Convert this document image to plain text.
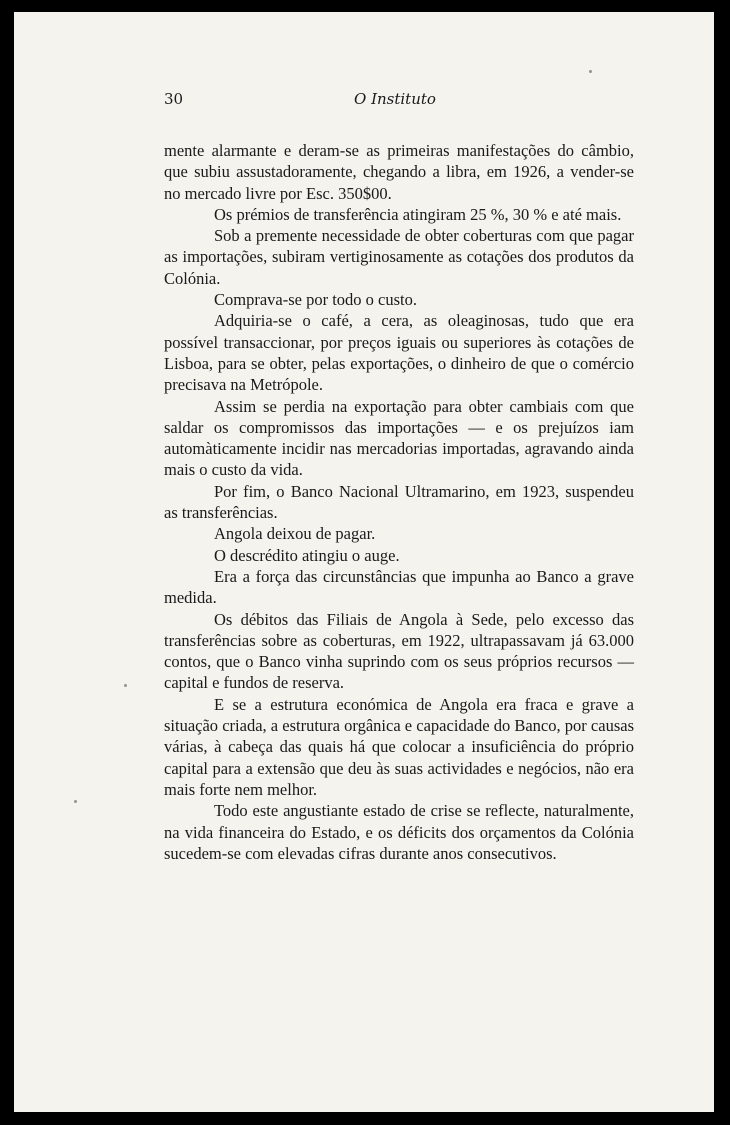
30	O Instituto

mente alarmante e deram-se as primeiras manifestações do câmbio, que subiu assustadoramente, chegando a libra, em 1926, a vender-se no mercado livre por Esc. 350$00.

Os prémios de transferência atingiram 25 %, 30 % e até mais.

Sob a premente necessidade de obter coberturas com que pagar as importações, subiram vertiginosamente as cotações dos produtos da Colónia.

Comprava-se por todo o custo.

Adquiria-se o café, a cera, as oleaginosas, tudo que era possível transaccionar, por preços iguais ou superiores às cotações de Lisboa, para se obter, pelas exportações, o dinheiro de que o comércio precisava na Metrópole.

Assim se perdia na exportação para obter cambiais com que saldar os compromissos das importações — e os prejuízos iam automàticamente incidir nas mercadorias importadas, agravando ainda mais o custo da vida.

Por fim, o Banco Nacional Ultramarino, em 1923, suspendeu as transferências.

Angola deixou de pagar.

O descrédito atingiu o auge.

Era a força das circunstâncias que impunha ao Banco a grave medida.

Os débitos das Filiais de Angola à Sede, pelo excesso das transferências sobre as coberturas, em 1922, ultrapassavam já 63.000 contos, que o Banco vinha suprindo com os seus próprios recursos — capital e fundos de reserva.

E se a estrutura económica de Angola era fraca e grave a situação criada, a estrutura orgânica e capacidade do Banco, por causas várias, à cabeça das quais há que colocar a insuficiência do próprio capital para a extensão que deu às suas actividades e negócios, não era mais forte nem melhor.

Todo este angustiante estado de crise se reflecte, naturalmente, na vida financeira do Estado, e os déficits dos orçamentos da Colónia sucedem-se com elevadas cifras durante anos consecutivos.
